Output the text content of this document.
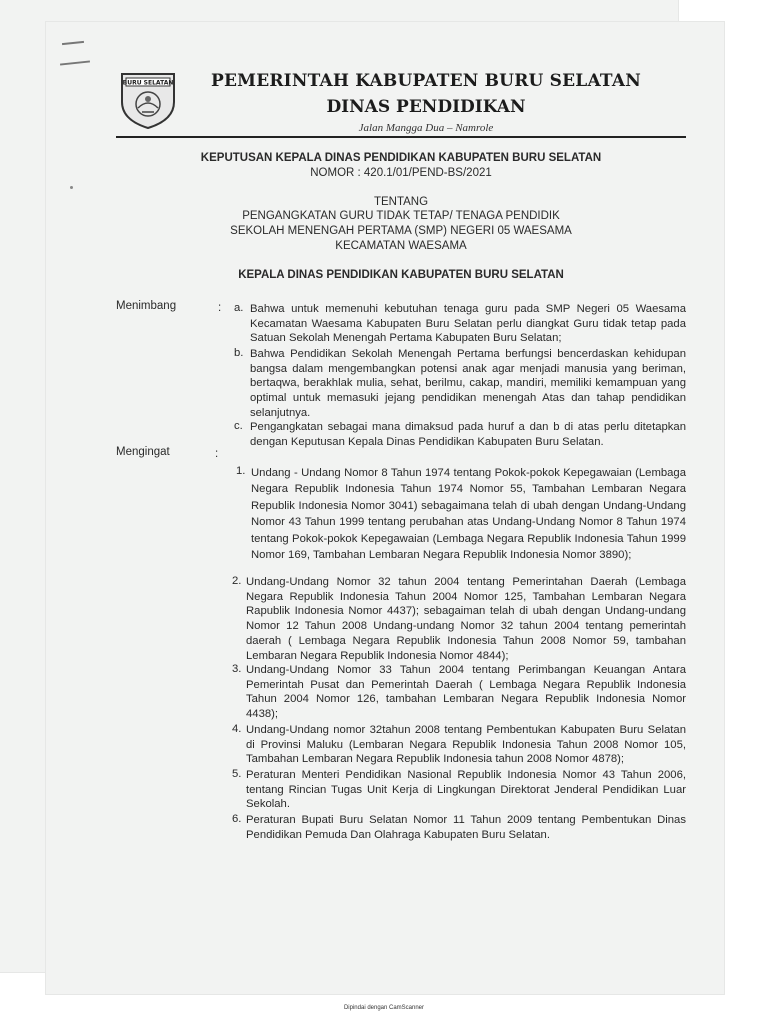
BURU SELATAN PEMERINTAH KABUPATEN BURU SELATAN
DINAS PENDIDIKAN
Jalan Mangga Dua – Namrole
KEPUTUSAN KEPALA DINAS PENDIDIKAN KABUPATEN BURU SELATAN
NOMOR : 420.1/01/PEND-BS/2021
TENTANG
PENGANGKATAN GURU TIDAK TETAP/ TENAGA PENDIDIK
SEKOLAH MENENGAH PERTAMA (SMP) NEGERI 05 WAESAMA
KECAMATAN WAESAMA
KEPALA DINAS PENDIDIKAN KABUPATEN BURU SELATAN
Menimbang	: a. Bahwa untuk memenuhi kebutuhan tenaga guru pada SMP Negeri 05 Waesama Kecamatan Waesama Kabupaten Buru Selatan perlu diangkat Guru tidak tetap pada Satuan Sekolah Menengah Pertama Kabupaten Buru Selatan;
b. Bahwa Pendidikan Sekolah Menengah Pertama berfungsi bencerdaskan kehidupan bangsa dalam mengembangkan potensi anak agar menjadi manusia yang beriman, bertaqwa, berakhlak mulia, sehat, berilmu, cakap, mandiri, memiliki kemampuan yang optimal untuk memasuki jejang pendidikan menengah Atas dan tahap pendidikan selanjutnya.
c. Pengangkatan sebagai mana dimaksud pada huruf a dan b di atas perlu ditetapkan dengan Keputusan Kepala Dinas Pendidikan Kabupaten Buru Selatan.
Mengingat	:
1. Undang - Undang Nomor 8 Tahun 1974 tentang Pokok-pokok Kepegawaian (Lembaga Negara Republik Indonesia Tahun 1974 Nomor 55, Tambahan Lembaran Negara Republik Indonesia Nomor 3041) sebagaimana telah di ubah dengan Undang-Undang Nomor 43 Tahun 1999 tentang perubahan atas Undang-Undang Nomor 8 Tahun 1974 tentang Pokok-pokok Kepegawaian (Lembaga Negara Republik Indonesia Tahun 1999 Nomor 169, Tambahan Lembaran Negara Republik Indonesia Nomor 3890);
2. Undang-Undang Nomor 32 tahun 2004 tentang Pemerintahan Daerah (Lembaga Negara Republik Indonesia Tahun 2004 Nomor 125, Tambahan Lembaran Negara Rapublik Indonesia Nomor 4437); sebagaiman telah di ubah dengan Undang-undang Nomor 12 Tahun 2008 Undang-undang Nomor 32 tahun 2004 tentang pemerintah daerah ( Lembaga Negara Republik Indonesia Tahun 2008 Nomor 59, tambahan Lembaran Negara Republik Indonesia Nomor 4844);
3. Undang-Undang Nomor 33 Tahun 2004 tentang Perimbangan Keuangan Antara Pemerintah Pusat dan Pemerintah Daerah ( Lembaga Negara Republik Indonesia Tahun 2004 Nomor 126, tambahan Lembaran Negara Republik Indonesia Nomor 4438);
4. Undang-Undang nomor 32tahun 2008 tentang Pembentukan Kabupaten Buru Selatan di Provinsi Maluku (Lembaran Negara Republik Indonesia Tahun 2008 Nomor 105, Tambahan Lembaran Negara Republik Indonesia tahun 2008 Nomor 4878);
5. Peraturan Menteri Pendidikan Nasional Republik Indonesia Nomor 43 Tahun 2006, tentang Rincian Tugas Unit Kerja di Lingkungan Direktorat Jenderal Pendidikan Luar Sekolah.
6. Peraturan Bupati Buru Selatan Nomor 11 Tahun 2009 tentang Pembentukan Dinas Pendidikan Pemuda Dan Olahraga Kabupaten Buru Selatan.
Dipindai dengan CamScanner
